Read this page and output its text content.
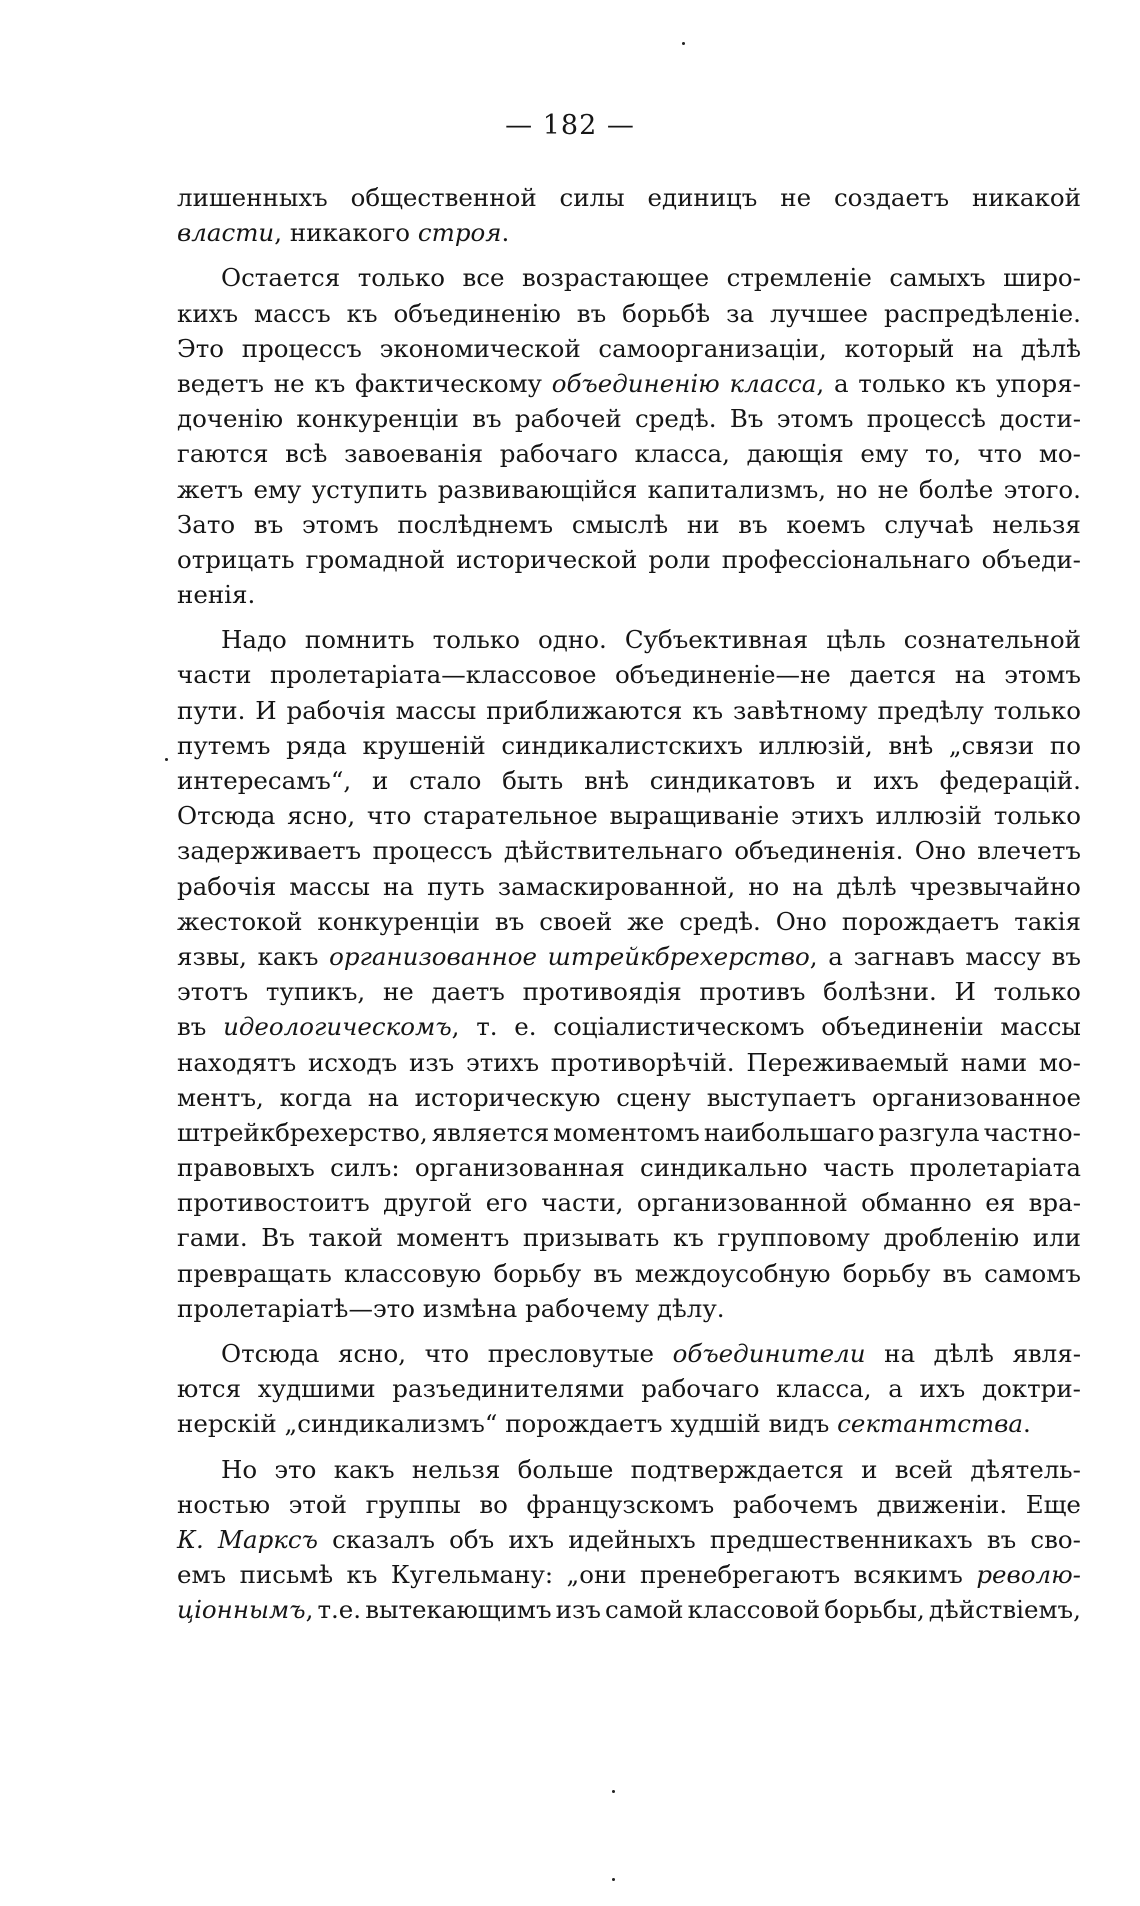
— 182 —
лишенныхъ общественной силы единицъ не создаетъ никакой
власти, никакого строя.
Остается тoлько все возрастающее стремленіе самыхъ широ-
кихъ массъ къ объединенію въ борьбѣ за лучшее распредѣленіе.
Это процессъ экономической самоорганизаціи, который на дѣлѣ
ведетъ не къ фактическому объединенію класса, а только къ упоря-
доченію конкуренціи въ рабочей средѣ. Въ этомъ процессѣ дости-
гаются всѣ завоеванія рабочаго класса, дающія ему то, что мо-
жетъ ему уступить развивающійся капитализмъ, но не болѣе этого.
Зато въ этомъ послѣднемъ смыслѣ ни въ коемъ случаѣ нельзя
отрицать громадной исторической роли профессіональнаго объеди-
ненія.
Надо помнить только одно. Субъективная цѣль сознательной
части пролетаріата—классовое объединеніе—не дается на этомъ
пути. И рабочія массы приближаются къ завѣтному предѣлу только
путемъ ряда крушеній синдикалистскихъ иллюзій, внѣ „связи по
интересамъ“, и стало быть внѣ синдикатовъ и ихъ федерацій.
Отсюда ясно, что старательное выращиваніе этихъ иллюзій только
задерживаетъ процессъ дѣйствительнаго объединенія. Оно влечетъ
рабочія массы на путь замаскированной, но на дѣлѣ чрезвычайно
жестокой конкуренціи въ своей же средѣ. Оно порождаетъ такія
язвы, какъ организованное штрейкбрехерство, а загнавъ массу въ
этотъ тупикъ, не даетъ противоядія противъ болѣзни. И только
въ идеологическомъ, т. е. соціалистическомъ объединеніи массы
находятъ исходъ изъ этихъ противорѣчій. Переживаемый нами мо-
ментъ, когда на историческую сцену выступаетъ организованное
штрейкбрехерство, является моментомъ наибольшаго разгула частно-
правовыхъ силъ: организованная синдикально часть пролетаріата
противостоитъ другой его части, организованной обманно ея вра-
гами. Въ такой моментъ призывать къ групповому дробленію или
превращать классовую борьбу въ междоусобную борьбу въ самомъ
пролетаріатѣ—это измѣна рабочему дѣлу.
Отсюда ясно, что пресловутые объединители на дѣлѣ явля-
ются худшими разъединителями рабочаго класса, а ихъ доктри-
нерскій „синдикализмъ“ порождаетъ худшій видъ сектантства.
Но это какъ нельзя больше подтверждается и всей дѣятель-
ностью этой группы во французскомъ рабочемъ движеніи. Еще
К. Марксъ сказалъ объ ихъ идейныхъ предшественникахъ въ сво-
емъ письмѣ къ Кугельману: „они пренебрегаютъ всякимъ револю-
ціоннымъ, т.е. вытекающимъ изъ самой классовой борьбы, дѣйствіемъ,
